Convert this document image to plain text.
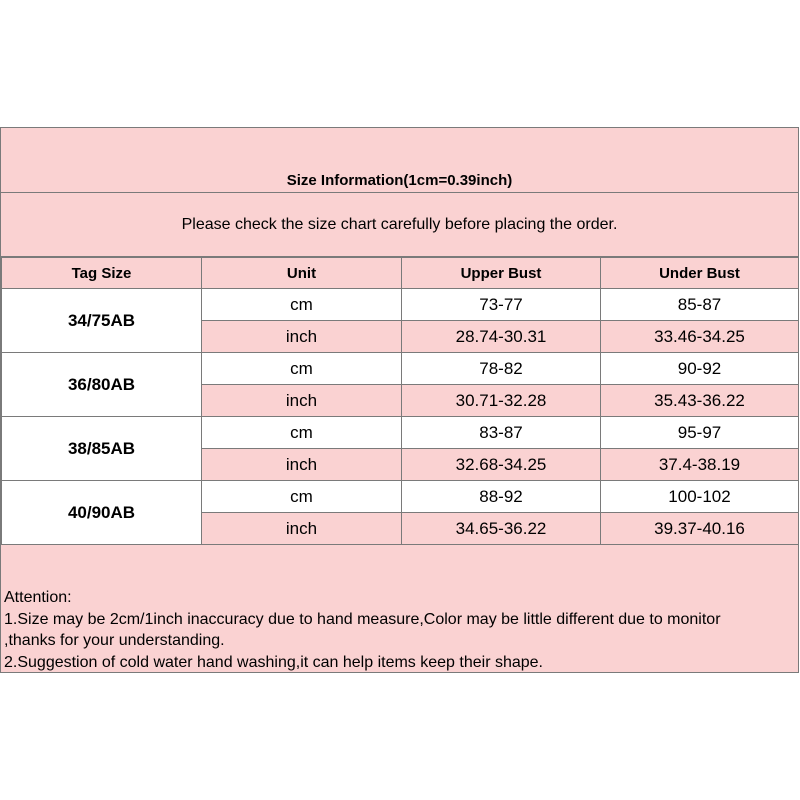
Size Information(1cm=0.39inch)
Please check the size chart carefully before placing the order.
Tag Size	Unit	Upper Bust	Under Bust
34/75AB	cm	73-77	85-87
	inch	28.74-30.31	33.46-34.25
36/80AB	cm	78-82	90-92
	inch	30.71-32.28	35.43-36.22
38/85AB	cm	83-87	95-97
	inch	32.68-34.25	37.4-38.19
40/90AB	cm	88-92	100-102
	inch	34.65-36.22	39.37-40.16
Attention:
1.Size may be 2cm/1inch inaccuracy due to hand measure,Color may be little different due to monitor
,thanks for your understanding.
2.Suggestion of cold water hand washing,it can help items keep their shape.
